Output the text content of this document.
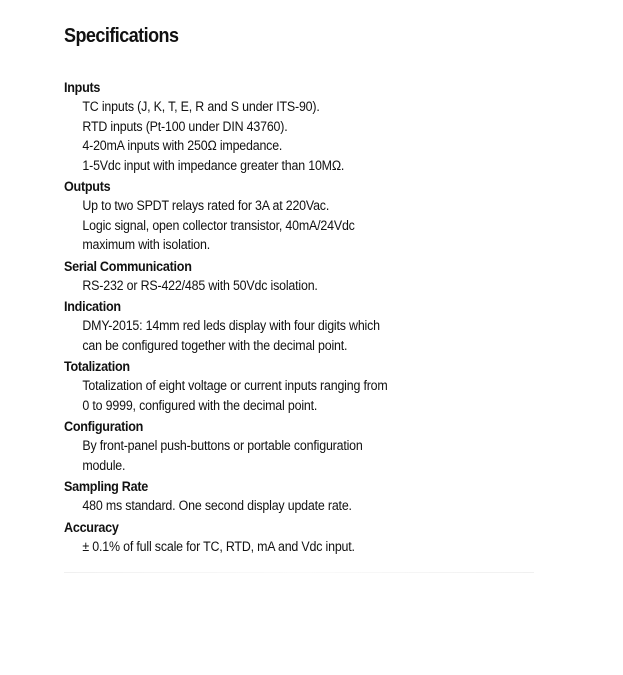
Specifications
Inputs
TC inputs (J, K, T, E, R and S under ITS-90).
RTD inputs (Pt-100 under DIN 43760).
4-20mA inputs with 250Ω impedance.
1-5Vdc input with impedance greater than 10MΩ.
Outputs
Up to two SPDT relays rated for 3A at 220Vac.
Logic signal, open collector transistor, 40mA/24Vdc
maximum with isolation.
Serial Communication
RS-232 or RS-422/485 with 50Vdc isolation.
Indication
DMY-2015: 14mm red leds display with four digits which
can be configured together with the decimal point.
Totalization
Totalization of eight voltage or current inputs ranging from
0 to 9999, configured with the decimal point.
Configuration
By front-panel push-buttons or portable configuration
module.
Sampling Rate
480 ms standard. One second display update rate.
Accuracy
± 0.1% of full scale for TC, RTD, mA and Vdc input.
